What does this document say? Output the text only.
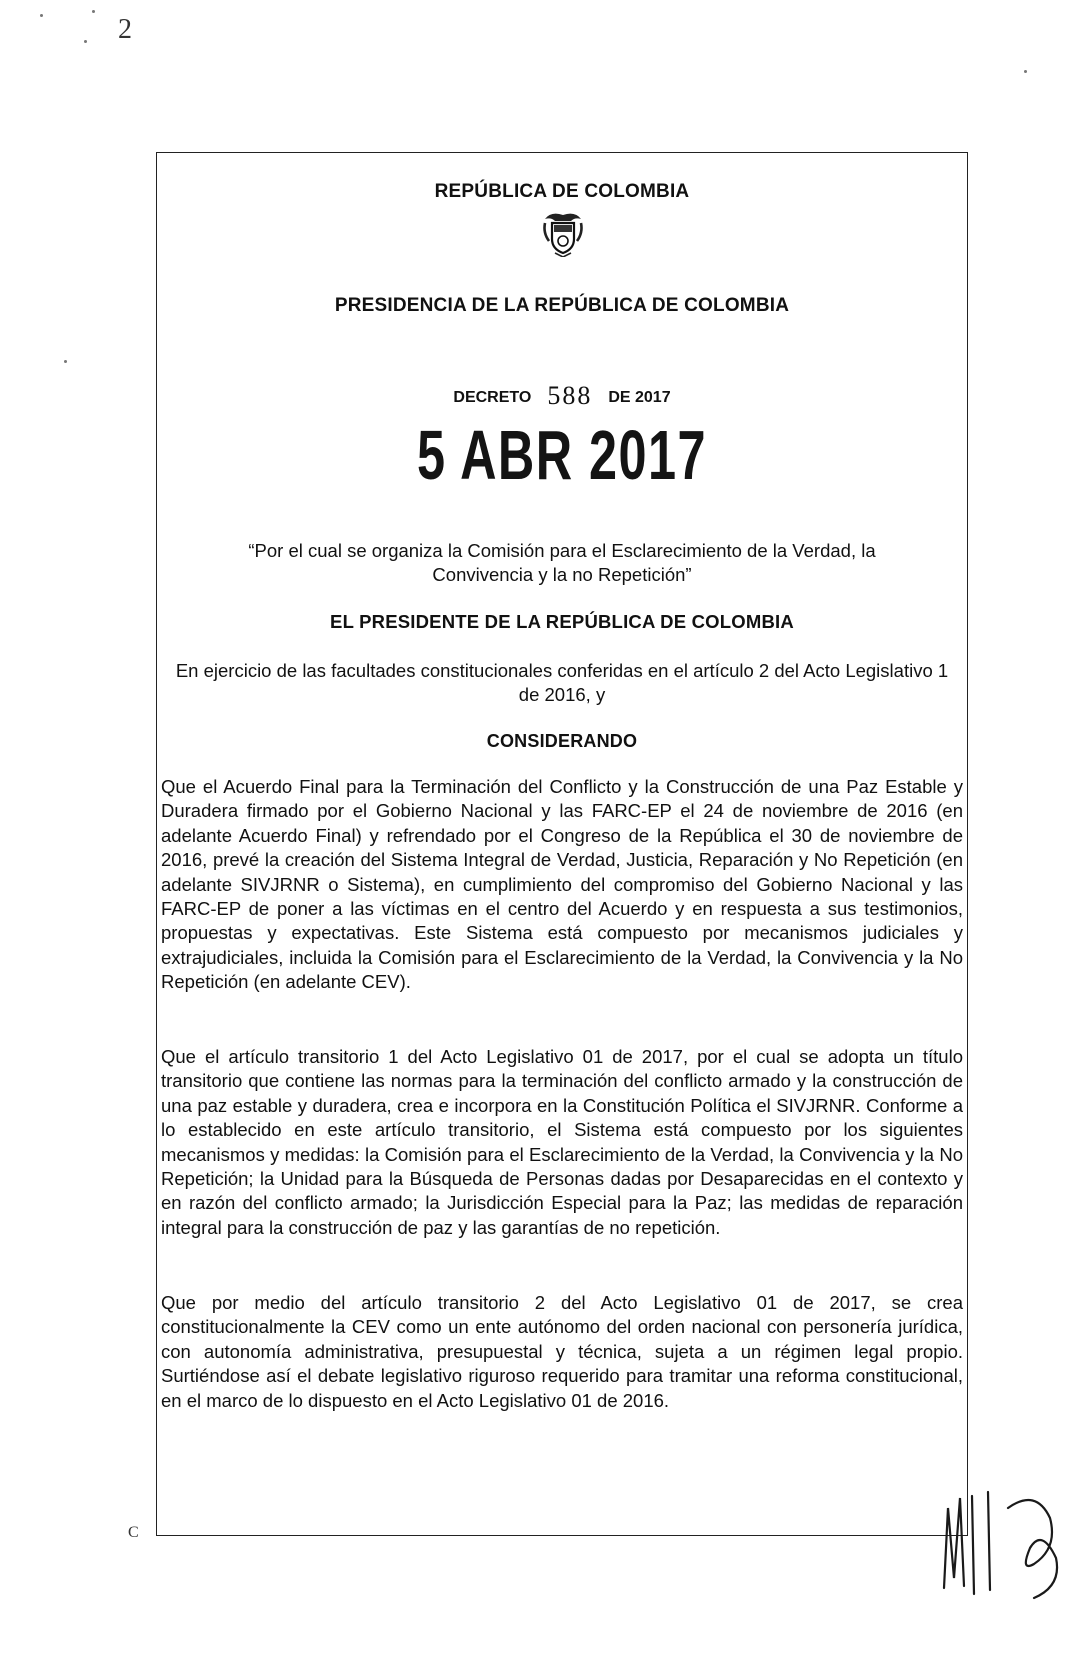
2
REPÚBLICA DE COLOMBIA
PRESIDENCIA DE LA REPÚBLICA DE COLOMBIA
DECRETO 588 DE 2017
5 ABR 2017
“Por el cual se organiza la Comisión para el Esclarecimiento de la Verdad, la Convivencia y la no Repetición”
EL PRESIDENTE DE LA REPÚBLICA DE COLOMBIA
En ejercicio de las facultades constitucionales conferidas en el artículo 2 del Acto Legislativo 1 de 2016, y
CONSIDERANDO
Que el Acuerdo Final para la Terminación del Conflicto y la Construcción de una Paz Estable y Duradera firmado por el Gobierno Nacional y las FARC-EP el 24 de noviembre de 2016 (en adelante Acuerdo Final) y refrendado por el Congreso de la República el 30 de noviembre de 2016, prevé la creación del Sistema Integral de Verdad, Justicia, Reparación y No Repetición (en adelante SIVJRNR o Sistema), en cumplimiento del compromiso del Gobierno Nacional y las FARC-EP de poner a las víctimas en el centro del Acuerdo y en respuesta a sus testimonios, propuestas y expectativas. Este Sistema está compuesto por mecanismos judiciales y extrajudiciales, incluida la Comisión para el Esclarecimiento de la Verdad, la Convivencia y la No Repetición (en adelante CEV).
Que el artículo transitorio 1 del Acto Legislativo 01 de 2017, por el cual se adopta un título transitorio que contiene las normas para la terminación del conflicto armado y la construcción de una paz estable y duradera, crea e incorpora en la Constitución Política el SIVJRNR. Conforme a lo establecido en este artículo transitorio, el Sistema está compuesto por los siguientes mecanismos y medidas: la Comisión para el Esclarecimiento de la Verdad, la Convivencia y la No Repetición; la Unidad para la Búsqueda de Personas dadas por Desaparecidas en el contexto y en razón del conflicto armado; la Jurisdicción Especial para la Paz; las medidas de reparación integral para la construcción de paz y las garantías de no repetición.
Que por medio del artículo transitorio 2 del Acto Legislativo 01 de 2017, se crea constitucionalmente la CEV como un ente autónomo del orden nacional con personería jurídica, con autonomía administrativa, presupuestal y técnica, sujeta a un régimen legal propio. Surtiéndose así el debate legislativo riguroso requerido para tramitar una reforma constitucional, en el marco de lo dispuesto en el Acto Legislativo 01 de 2016.
C
